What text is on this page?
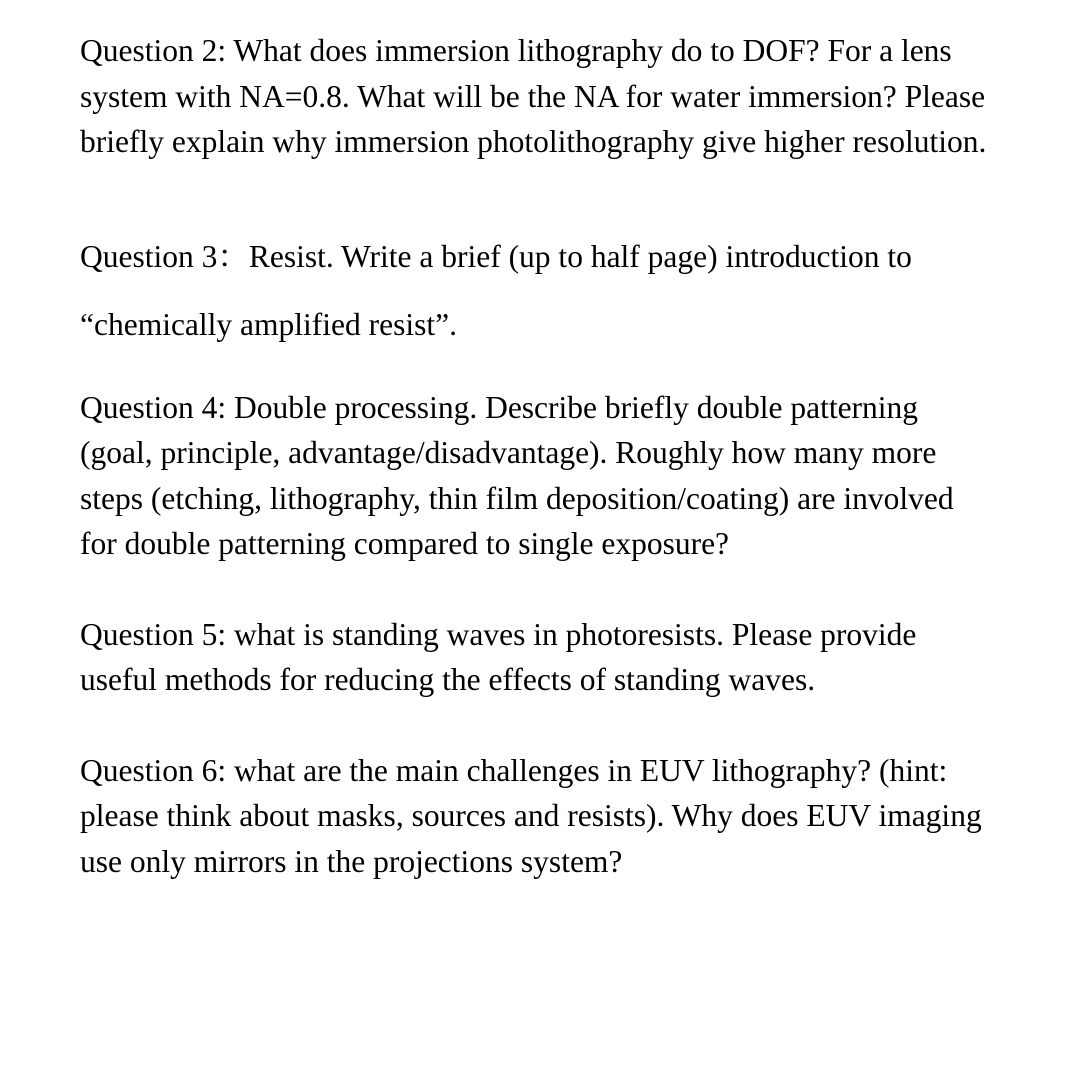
Question 2: What does immersion lithography do to DOF? For a lens system with NA=0.8. What will be the NA for water immersion? Please briefly explain why immersion photolithography give higher resolution.

Question 3：Resist. Write a brief (up to half page) introduction to “chemically amplified resist”.

Question 4: Double processing. Describe briefly double patterning (goal, principle, advantage/disadvantage). Roughly how many more steps (etching, lithography, thin film deposition/coating) are involved for double patterning compared to single exposure?

Question 5: what is standing waves in photoresists. Please provide useful methods for reducing the effects of standing waves.

Question 6: what are the main challenges in EUV lithography? (hint: please think about masks, sources and resists). Why does EUV imaging use only mirrors in the projections system?
